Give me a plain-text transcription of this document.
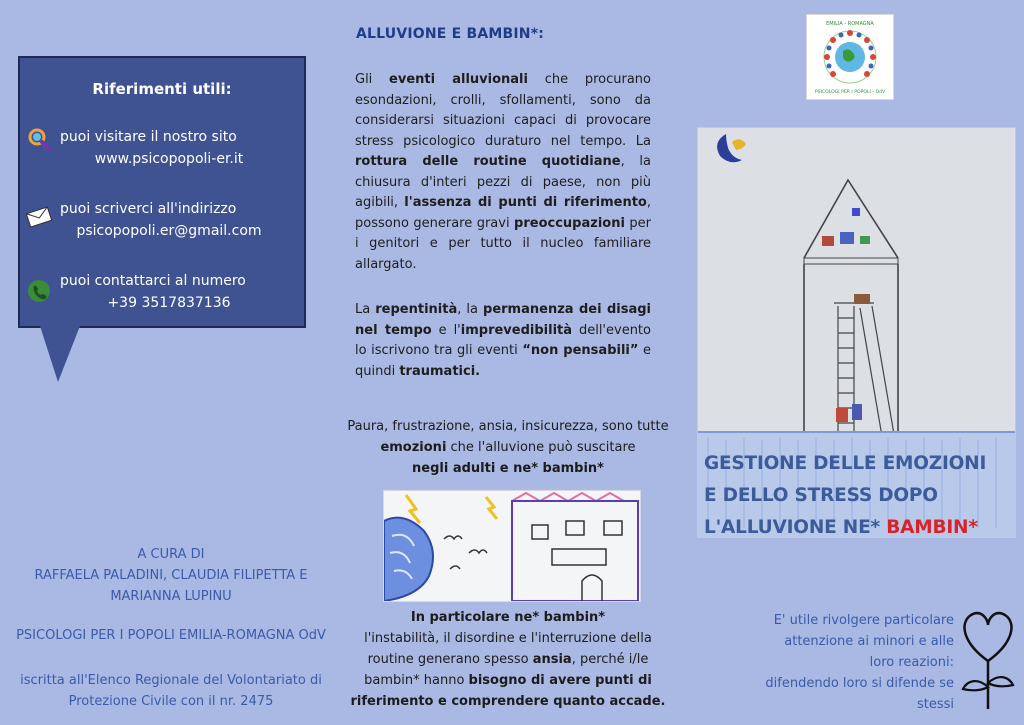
Riferimenti utili:
puoi visitare il nostro sito
www.psicopopoli-er.it
puoi scriverci all'indirizzo
psicopopoli.er@gmail.com
puoi contattarci al numero
+39 3517837136
A CURA DI
RAFFAELA PALADINI, CLAUDIA FILIPETTA E
MARIANNA LUPINU
PSICOLOGI PER I POPOLI EMILIA-ROMAGNA OdV
iscritta all'Elenco Regionale del Volontariato di
Protezione Civile con il nr. 2475
ALLUVIONE E BAMBIN*:
Gli eventi alluvionali che procurano esondazioni, crolli, sfollamenti, sono da considerarsi situazioni capaci di provocare stress psicologico duraturo nel tempo. La rottura delle routine quotidiane, la chiusura d'interi pezzi di paese, non più agibili, l'assenza di punti di riferimento, possono generare gravi preoccupazioni per i genitori e per tutto il nucleo familiare allargato.
La repentinità, la permanenza dei disagi nel tempo e l'imprevedibilità dell'evento lo iscrivono tra gli eventi “non pensabili” e quindi traumatici.
Paura, frustrazione, ansia, insicurezza, sono tutte
emozioni che l'alluvione può suscitare
negli adulti e ne* bambin*
In particolare ne* bambin*
l'instabilità, il disordine e l'interruzione della
routine generano spesso ansia, perché i/le
bambin* hanno bisogno di avere punti di
riferimento e comprendere quanto accade.
EMILIA - ROMAGNA
PSICOLOGI PER I POPOLI - OdV
GESTIONE DELLE EMOZIONI
E DELLO STRESS DOPO
L'ALLUVIONE NE* BAMBIN*
E' utile rivolgere particolare
attenzione ai minori e alle
loro reazioni:
difendendo loro si difende se
stessi
